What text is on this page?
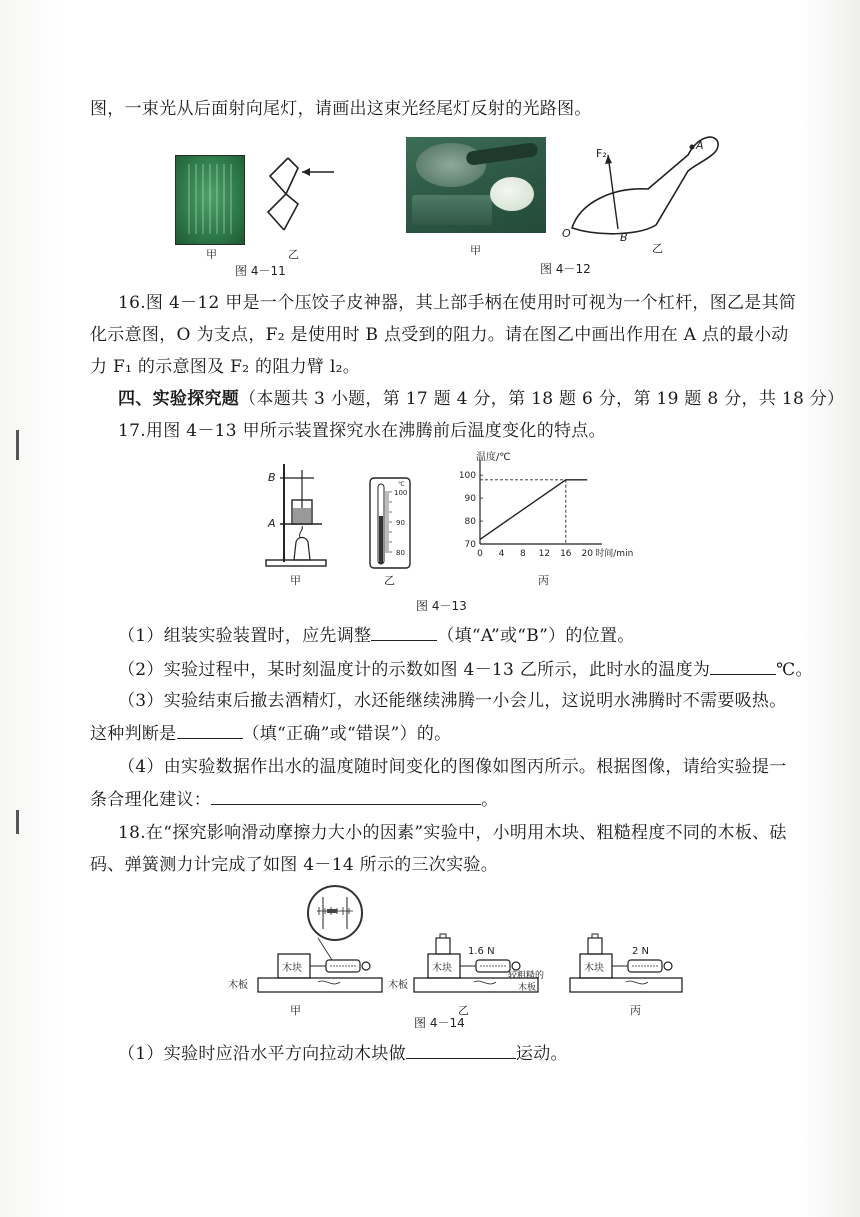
图，一束光从后面射向尾灯，请画出这束光经尾灯反射的光路图。
甲	乙
图 4－11
F₂
A
O	B
甲	乙
图 4－12
16.图 4－12 甲是一个压饺子皮神器，其上部手柄在使用时可视为一个杠杆，图乙是其简
化示意图，O 为支点，F₂ 是使用时 B 点受到的阻力。请在图乙中画出作用在 A 点的最小动
力 F₁ 的示意图及 F₂ 的阻力臂 l₂。
四、实验探究题（本题共 3 小题，第 17 题 4 分，第 18 题 6 分，第 19 题 8 分，共 18 分）
17.用图 4－13 甲所示装置探究水在沸腾前后温度变化的特点。
B
A
100
90
80
℃
温度/℃
0 4 8 12 16 20 时间/min
70
80
90
100
甲	乙	丙
图 4－13
（1）组装实验装置时，应先调整	（填“A”或“B”）的位置。
（2）实验过程中，某时刻温度计的示数如图 4－13 乙所示，此时水的温度为	℃。
（3）实验结束后撤去酒精灯，水还能继续沸腾一小会儿，这说明水沸腾时不需要吸热。
这种判断是	（填“正确”或“错误”）的。
（4）由实验数据作出水的温度随时间变化的图像如图丙所示。根据图像，请给实验提一
条合理化建议：	。
18.在“探究影响滑动摩擦力大小的因素”实验中，小明用木块、粗糙程度不同的木板、砝
码、弹簧测力计完成了如图 4－14 所示的三次实验。
木块
木板
木块
1.6 N
木板
木块
2 N
较粗糙的
木板
甲	乙	丙
图 4－14
（1）实验时应沿水平方向拉动木块做	运动。
